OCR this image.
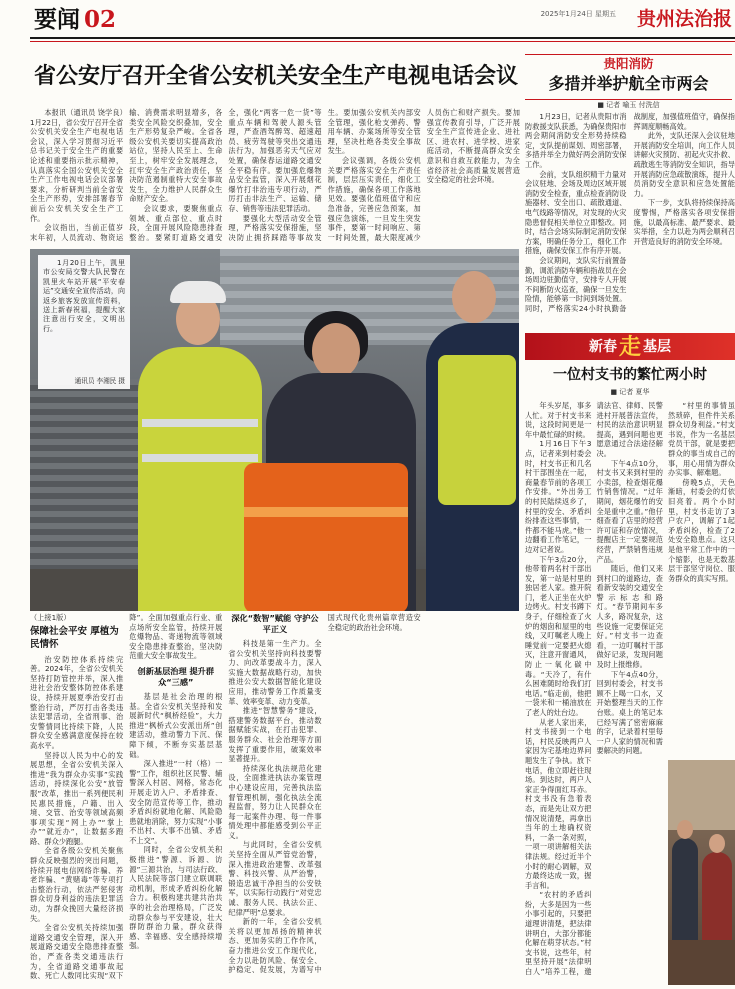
要闻 02	2025年1月24日 星期五	贵州法治报
省公安厅召开全省公安机关安全生产电视电话会议

本报讯（通讯员 饶学良）1月22日，省公安厅召开全省公安机关安全生产电视电话会议，深入学习贯彻习近平总书记关于安全生产的重要论述和重要指示批示精神，认真落实全国公安机关安全生产工作电视电话会议部署要求，分析研判当前全省安全生产形势，安排部署春节前后公安机关安全生产工作。

会议指出，当前正值岁末年初，人员流动、物资运输、消费需求明显增多，各类安全风险交织叠加，安全生产形势复杂严峻。全省各级公安机关要切实提高政治站位，坚持人民至上、生命至上，树牢安全发展理念，扛牢安全生产政治责任，坚决防范遏制重特大安全事故发生，全力维护人民群众生命财产安全。

会议要求，要聚焦重点领域、重点部位、重点时段，全面开展风险隐患排查整治。要紧盯道路交通安全，强化“两客一危一货”等重点车辆和驾驶人源头管理，严查酒驾醉驾、超速超员、疲劳驾驶等突出交通违法行为，加强恶劣天气应对处置，确保春运道路交通安全平稳有序。要加强危爆物品安全监管，深入开展烟花爆竹打非治违专项行动，严厉打击非法生产、运输、储存、销售等违法犯罪活动。

要强化大型活动安全管理，严格落实安保措施，坚决防止拥挤踩踏等事故发生。要加强公安机关内部安全管理，强化枪支弹药、警用车辆、办案场所等安全管理，坚决杜绝各类安全事故发生。

会议强调，各级公安机关要严格落实安全生产责任制，层层压实责任，细化工作措施，确保各项工作落地见效。要强化值班值守和应急准备，完善应急预案，加强应急演练，一旦发生突发事件，要第一时间响应、第一时间处置，最大限度减少人员伤亡和财产损失。要加强宣传教育引导，广泛开展安全生产宣传进企业、进社区、进农村、进学校、进家庭活动，不断提高群众安全意识和自救互救能力，为全省经济社会高质量发展营造安全稳定的社会环境。

1月20日上午，凯里市公安局交警大队民警在凯里火车站开展“平安春运”交通安全宣传活动，向返乡旅客发放宣传资料，送上新春祝福，提醒大家注意出行安全，文明出行。

通讯员 李湘民 摄
贵阳消防
多措并举护航全市两会
■ 记者 喻玉 付洗信

1月23日，记者从贵阳市消防救援支队获悉，为确保贵阳市两会期间消防安全形势持续稳定，支队提前谋划、周密部署，多措并举全力做好两会消防安保工作。

会前，支队组织精干力量对会议驻地、会场及周边区域开展消防安全检查，重点检查消防设施器材、安全出口、疏散通道、电气线路等情况，对发现的火灾隐患督促相关单位立即整改。同时，结合会场实际制定消防安保方案，明确任务分工，细化工作措施，确保安保工作有序开展。

会议期间，支队实行前置备勤，调派消防车辆和指战员在会场周边驻勤值守，安排专人开展不间断防火巡查，确保一旦发生险情，能够第一时间到场处置。同时，严格落实24小时执勤备战制度，加强值班值守，确保指挥调度顺畅高效。

此外，支队还深入会议驻地开展消防安全培训，向工作人员讲解火灾预防、初起火灾扑救、疏散逃生等消防安全知识，指导开展消防应急疏散演练，提升人员消防安全意识和应急处置能力。

下一步，支队将持续保持高度警惕，严格落实各项安保措施，以最高标准、最严要求、最实举措，全力以赴为两会顺利召开营造良好的消防安全环境。

新春走 基层
一位村支书的繁忙两小时
■ 记者 夏华

年头岁尾，事多人忙。对于村支书来说，这段时间更是一年中最忙碌的时候。

1月16日下午3点，记者来到村委会时，村支书正和几名村干部围坐在一起，商量春节前的各项工作安排。“外出务工的村民陆续返乡了，村里的安全、矛盾纠纷排查这些事情，一件都不能马虎。”他一边翻看工作笔记，一边对记者说。

下午3点20分，他带着两名村干部出发，第一站是村里的独居老人家。推开院门，老人正坐在火炉边烤火。村支书蹲下身子，仔细检查了火炉的烟囱和屋里的电线，又叮嘱老人晚上睡觉前一定要把火熄灭，注意开窗通风，防止一氧化碳中毒。“天冷了，有什么困难随时给我们打电话。”临走前，他把一袋米和一桶油放在了老人的灶台边。

从老人家出来，村支书接到一个电话，村民反映两户人家因为宅基地边界问题发生了争执。放下电话，他立即赶往现场。到达时，两户人家正争得面红耳赤。村支书没有急着表态，而是先让双方把情况说清楚，再拿出当年的土地确权资料，一条一条对照，一项一项讲解相关法律法规。经过近半个小时的耐心调解，双方最终达成一致，握手言和。

“农村的矛盾纠纷，大多是因为一些小事引起的，只要把道理讲清楚，把法律讲明白，大部分都能化解在萌芽状态。”村支书说，这些年，村里坚持开展“法律明白人”培养工程，邀请法官、律师、民警进村开展普法宣传，村民的法治意识明显提高，遇到问题也更愿意通过合法途径解决。

下午4点10分，村支书又来到村里的小卖部，检查烟花爆竹销售情况。“过年期间，烟花爆竹的安全是重中之重。”他仔细查看了店里的经营许可证和存放情况，提醒店主一定要规范经营，严禁销售违规产品。

随后，他们又来到村口的道路边，查看新安装的交通安全警示标志和路灯。“春节期间车多人多，路况复杂，这些设施一定要保证完好。”村支书一边查看，一边叮嘱村干部做好记录，发现问题及时上报维修。

下午4点40分，回到村委会，村支书顾不上喝一口水，又开始整理当天的工作台账。桌上的笔记本已经写满了密密麻麻的字，记录着村里每一户人家的情况和需要解决的问题。

“村里的事情虽然琐碎，但件件关系群众切身利益。”村支书说，作为一名基层党员干部，就是要把群众的事当成自己的事，用心用情为群众办实事、解难题。

傍晚5点，天色渐暗，村委会的灯依旧亮着。两个小时里，村支书走访了3户农户，调解了1起矛盾纠纷，检查了2处安全隐患点。这只是他平常工作中的一个缩影，也是无数基层干部坚守岗位、服务群众的真实写照。

（上接1版）

保障社会平安 厚植为民情怀

治安防控体系持续完善。2024年，全省公安机关坚持打防管控并举，深入推进社会治安整体防控体系建设，持续开展夏季治安打击整治行动，严厉打击各类违法犯罪活动，全省刑事、治安警情同比持续下降，人民群众安全感满意度保持在较高水平。

坚持以人民为中心的发展思想，全省公安机关深入推进“我为群众办实事”实践活动，持续深化公安“放管服”改革，推出一系列便民利民惠民措施，户籍、出入境、交管、治安等领域高频事项实现“网上办”“掌上办”“就近办”，让数据多跑路、群众少跑腿。

全省各级公安机关聚焦群众反映强烈的突出问题，持续开展电信网络诈骗、养老诈骗、“黄赌毒”等专项打击整治行动，依法严惩侵害群众切身利益的违法犯罪活动，为群众挽回大量经济损失。

全省公安机关持续加强道路交通安全管理，深入开展道路交通安全隐患排查整治，严查各类交通违法行为，全省道路交通事故起数、死亡人数同比实现“双下降”。全面加强重点行业、重点场所安全监管，持续开展危爆物品、寄递物流等领域安全隐患排查整治，坚决防范重大安全事故发生。

创新基层治理 提升群众“三感”

基层是社会治理的根基。全省公安机关坚持和发展新时代“枫桥经验”，大力推进“枫桥式公安派出所”创建活动，推动警力下沉、保障下倾，不断夯实基层基础。

深入推进“一村（格）一警”工作，组织社区民警、辅警深入村居、网格，常态化开展走访入户、矛盾排查、安全防范宣传等工作，推动矛盾纠纷就地化解、风险隐患就地消除，努力实现“小事不出村、大事不出镇、矛盾不上交”。

同时，全省公安机关积极推进“警源、诉源、访源”三源共治，与司法行政、人民法院等部门建立联调联动机制，形成矛盾纠纷化解合力。积极构建共建共治共享的社会治理格局，广泛发动群众参与平安建设，壮大群防群治力量，群众获得感、幸福感、安全感持续增强。

深化“数智”赋能 守护公平正义

科技是第一生产力。全省公安机关坚持向科技要警力、向改革要战斗力，深入实施大数据战略行动，加快推进公安大数据智能化建设应用，推动警务工作质量变革、效率变革、动力变革。

推进“智慧警务”建设，搭建警务数据平台，推动数据赋能实战，在打击犯罪、服务群众、社会治理等方面发挥了重要作用，破案效率显著提升。

持续深化执法规范化建设，全面推进执法办案管理中心建设应用，完善执法监督管理机制，强化执法全流程监督，努力让人民群众在每一起案件办理、每一件事情处理中都能感受到公平正义。

与此同时，全省公安机关坚持全面从严管党治警，深入推进政治建警、改革强警、科技兴警、从严治警，锻造忠诚干净担当的公安铁军，以实际行动践行“对党忠诚、服务人民、执法公正、纪律严明”总要求。

新的一年，全省公安机关将以更加昂扬的精神状态、更加务实的工作作风，奋力推进公安工作现代化，全力以赴防风险、保安全、护稳定、促发展，为谱写中国式现代化贵州篇章营造安全稳定的政治社会环境。
